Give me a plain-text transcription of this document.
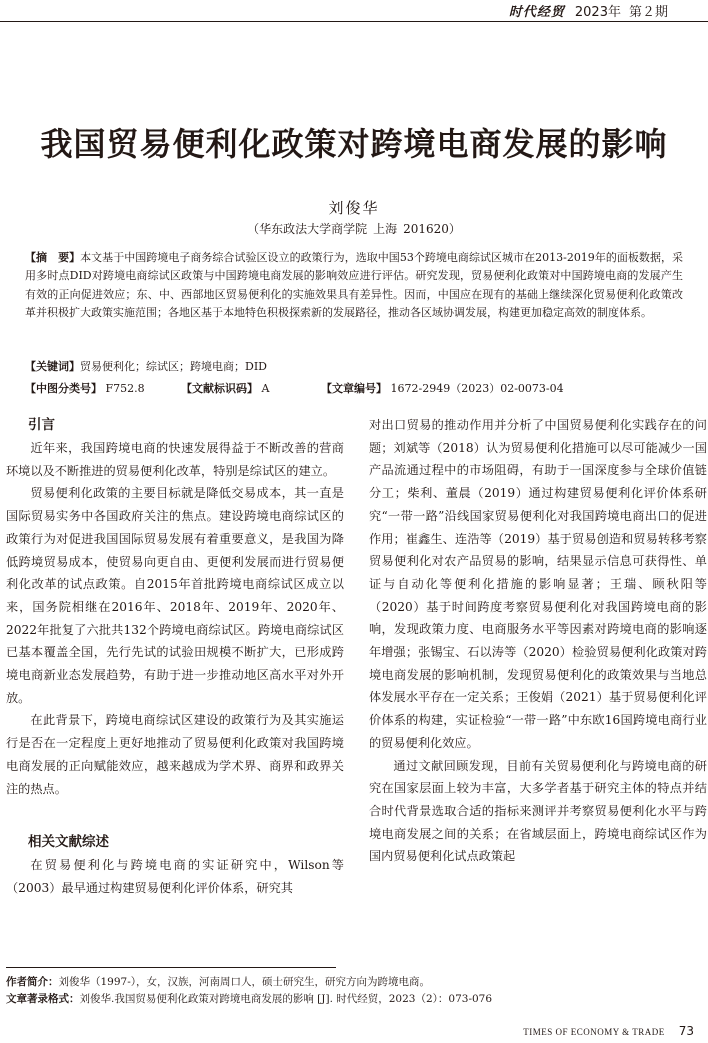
时代经贸 2023年 第２期
我国贸易便利化政策对跨境电商发展的影响
刘俊华
（华东政法大学商学院 上海 201620）
【摘　要】本文基于中国跨境电子商务综合试验区设立的政策行为，选取中国53个跨境电商综试区城市在2013-2019年的面板数据，采用多时点DID对跨境电商综试区政策与中国跨境电商发展的影响效应进行评估。研究发现，贸易便利化政策对中国跨境电商的发展产生有效的正向促进效应；东、中、西部地区贸易便利化的实施效果具有差异性。因而，中国应在现有的基础上继续深化贸易便利化政策改革并积极扩大政策实施范围；各地区基于本地特色积极探索新的发展路径，推动各区域协调发展，构建更加稳定高效的制度体系。
【关键词】贸易便利化；综试区；跨境电商；DID
【中图分类号】 F752.8	【文献标识码】 A	【文章编号】 1672-2949（2023）02-0073-04
引言

近年来，我国跨境电商的快速发展得益于不断改善的营商环境以及不断推进的贸易便利化改革，特别是综试区的建立。

贸易便利化政策的主要目标就是降低交易成本，其一直是国际贸易实务中各国政府关注的焦点。建设跨境电商综试区的政策行为对促进我国国际贸易发展有着重要意义，是我国为降低跨境贸易成本，使贸易向更自由、更便利发展而进行贸易便利化改革的试点政策。自2015年首批跨境电商综试区成立以来，国务院相继在2016年、2018年、2019年、2020年、2022年批复了六批共132个跨境电商综试区。跨境电商综试区已基本覆盖全国，先行先试的试验田规模不断扩大，已形成跨境电商新业态发展趋势，有助于进一步推动地区高水平对外开放。

在此背景下，跨境电商综试区建设的政策行为及其实施运行是否在一定程度上更好地推动了贸易便利化政策对我国跨境电商发展的正向赋能效应，越来越成为学术界、商界和政界关注的热点。

相关文献综述

在贸易便利化与跨境电商的实证研究中，Wilson等（2003）最早通过构建贸易便利化评价体系，研究其

对出口贸易的推动作用并分析了中国贸易便利化实践存在的问题；刘斌等（2018）认为贸易便利化措施可以尽可能减少一国产品流通过程中的市场阻碍，有助于一国深度参与全球价值链分工；柴利、董晨（2019）通过构建贸易便利化评价体系研究“一带一路”沿线国家贸易便利化对我国跨境电商出口的促进作用；崔鑫生、连浩等（2019）基于贸易创造和贸易转移考察贸易便利化对农产品贸易的影响，结果显示信息可获得性、单证与自动化等便利化措施的影响显著；王瑞、顾秋阳等（2020）基于时间跨度考察贸易便利化对我国跨境电商的影响，发现政策力度、电商服务水平等因素对跨境电商的影响逐年增强；张锡宝、石以涛等（2020）检验贸易便利化政策对跨境电商发展的影响机制，发现贸易便利化的政策效果与当地总体发展水平存在一定关系；王俊娟（2021）基于贸易便利化评价体系的构建，实证检验“一带一路”中东欧16国跨境电商行业的贸易便利化效应。

通过文献回顾发现，目前有关贸易便利化与跨境电商的研究在国家层面上较为丰富，大多学者基于研究主体的特点并结合时代背景选取合适的指标来测评并考察贸易便利化水平与跨境电商发展之间的关系；在省域层面上，跨境电商综试区作为国内贸易便利化试点政策起

作者简介：刘俊华（1997-），女，汉族，河南周口人，硕士研究生，研究方向为跨境电商。
文章著录格式：刘俊华.我国贸易便利化政策对跨境电商发展的影响 [J]. 时代经贸，2023（2）：073-076
TIMES OF ECONOMY & TRADE 73
